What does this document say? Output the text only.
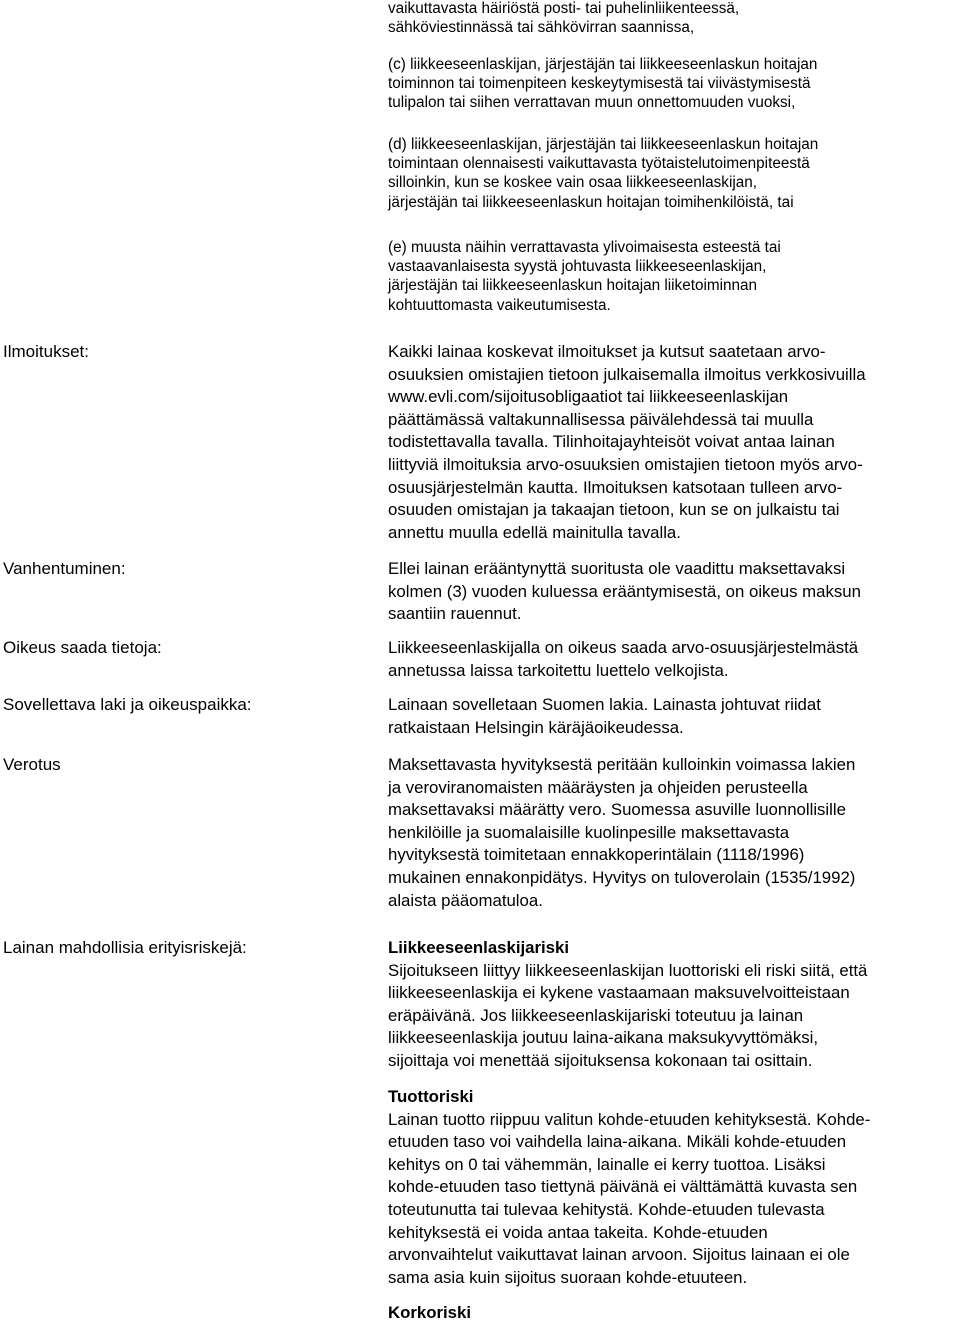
vaikuttavasta häiriöstä posti- tai puhelinliikenteessä,
sähköviestinnässä tai sähkövirran saannissa,
(c) liikkeeseenlaskijan, järjestäjän tai liikkeeseenlaskun hoitajan
toiminnon tai toimenpiteen keskeytymisestä tai viivästymisestä
tulipalon tai siihen verrattavan muun onnettomuuden vuoksi,
(d) liikkeeseenlaskijan, järjestäjän tai liikkeeseenlaskun hoitajan
toimintaan olennaisesti vaikuttavasta työtaistelutoimenpiteestä
silloinkin, kun se koskee vain osaa liikkeeseenlaskijan,
järjestäjän tai liikkeeseenlaskun hoitajan toimihenkilöistä, tai
(e) muusta näihin verrattavasta ylivoimaisesta esteestä tai
vastaavanlaisesta syystä johtuvasta liikkeeseenlaskijan,
järjestäjän tai liikkeeseenlaskun hoitajan liiketoiminnan
kohtuuttomasta vaikeutumisesta.

Ilmoitukset:

Vanhentuminen:

Oikeus saada tietoja:

Sovellettava laki ja oikeuspaikka:

Verotus

Lainan mahdollisia erityisriskejä:

Kaikki lainaa koskevat ilmoitukset ja kutsut saatetaan arvo-
osuuksien omistajien tietoon julkaisemalla ilmoitus verkkosivuilla
www.evli.com/sijoitusobligaatiot tai liikkeeseenlaskijan
päättämässä valtakunnallisessa päivälehdessä tai muulla
todistettavalla tavalla. Tilinhoitajayhteisöt voivat antaa lainan
liittyviä ilmoituksia arvo-osuuksien omistajien tietoon myös arvo-
osuusjärjestelmän kautta. Ilmoituksen katsotaan tulleen arvo-
osuuden omistajan ja takaajan tietoon, kun se on julkaistu tai
annettu muulla edellä mainitulla tavalla.
Ellei lainan erääntynyttä suoritusta ole vaadittu maksettavaksi
kolmen (3) vuoden kuluessa erääntymisestä, on oikeus maksun
saantiin rauennut.
Liikkeeseenlaskijalla on oikeus saada arvo-osuusjärjestelmästä
annetussa laissa tarkoitettu luettelo velkojista.
Lainaan sovelletaan Suomen lakia. Lainasta johtuvat riidat
ratkaistaan Helsingin käräjäoikeudessa.
Maksettavasta hyvityksestä peritään kulloinkin voimassa lakien
ja veroviranomaisten määräysten ja ohjeiden perusteella
maksettavaksi määrätty vero. Suomessa asuville luonnollisille
henkilöille ja suomalaisille kuolinpesille maksettavasta
hyvityksestä toimitetaan ennakkoperintälain (1118/1996)
mukainen ennakonpidätys. Hyvitys on tuloverolain (1535/1992)
alaista pääomatuloa.
Liikkeeseenlaskijariski
Sijoitukseen liittyy liikkeeseenlaskijan luottoriski eli riski siitä, että
liikkeeseenlaskija ei kykene vastaamaan maksuvelvoitteistaan
eräpäivänä. Jos liikkeeseenlaskijariski toteutuu ja lainan
liikkeeseenlaskija joutuu laina-aikana maksukyvyttömäksi,
sijoittaja voi menettää sijoituksensa kokonaan tai osittain.
Tuottoriski
Lainan tuotto riippuu valitun kohde-etuuden kehityksestä. Kohde-
etuuden taso voi vaihdella laina-aikana. Mikäli kohde-etuuden
kehitys on 0 tai vähemmän, lainalle ei kerry tuottoa. Lisäksi
kohde-etuuden taso tiettynä päivänä ei välttämättä kuvasta sen
toteutunutta tai tulevaa kehitystä. Kohde-etuuden tulevasta
kehityksestä ei voida antaa takeita. Kohde-etuuden
arvonvaihtelut vaikuttavat lainan arvoon. Sijoitus lainaan ei ole
sama asia kuin sijoitus suoraan kohde-etuuteen.
Korkoriski
